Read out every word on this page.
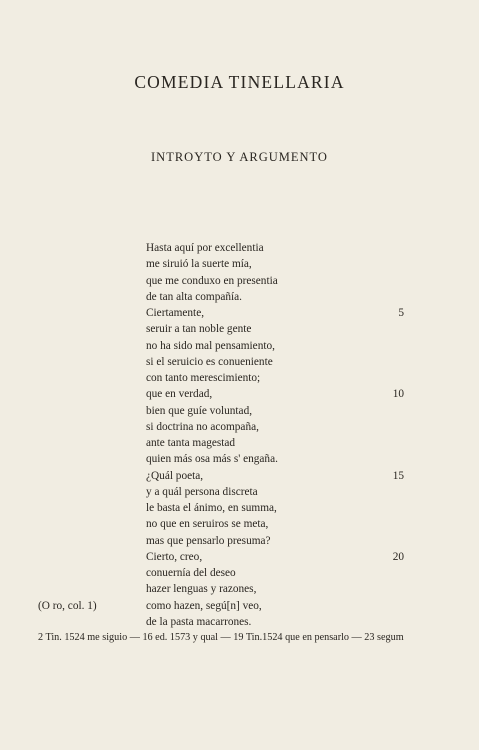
COMEDIA TINELLARIA
INTROYTO Y ARGUMENTO
Hasta aquí por excellentia
me siruió la suerte mía,
que me conduxo en presentia
de tan alta compañía.
Ciertamente,	5
seruir a tan noble gente
no ha sido mal pensamiento,
si el seruicio es conueniente
con tanto merescimiento;
que en verdad,	10
bien que guíe voluntad,
si doctrina no acompaña,
ante tanta magestad
quien más osa más s' engaña.
¿Quál poeta,	15
y a quál persona discreta
le basta el ánimo, en summa,
no que en seruiros se meta,
mas que pensarlo presuma?
Cierto, creo,	20
conuernía del deseo
hazer lenguas y razones,
(O ro, col. 1)	como hazen, segú[n] veo,
de la pasta macarrones.
2 Tin. 1524 me siguio — 16 ed. 1573 y qual — 19 Tin.1524 que en pensarlo — 23 segum
